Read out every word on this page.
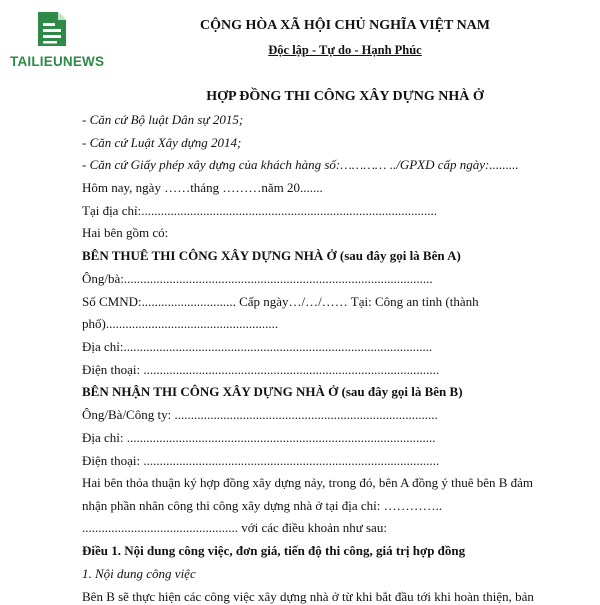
TAILIEUNEWS
CỘNG HÒA XÃ HỘI CHỦ NGHĨA VIỆT NAM
Độc lập - Tự do - Hạnh Phúc
HỢP ĐỒNG THI CÔNG XÂY DỰNG NHÀ Ở
- Căn cứ Bộ luật Dân sự 2015;
- Căn cứ Luật Xây dựng 2014;
- Căn cứ Giấy phép xây dựng của khách hàng số:………… ../GPXD cấp ngày:.........
Hôm nay, ngày ……tháng ………năm 20.......
Tại địa chỉ:...........................................................................................
Hai bên gồm có:
BÊN THUÊ THI CÔNG XÂY DỰNG NHÀ Ở (sau đây gọi là Bên A)
Ông/bà:...............................................................................................
Số CMND:............................. Cấp ngày…/…/…… Tại: Công an tỉnh (thành
phố).....................................................
Địa chỉ:...............................................................................................
Điện thoại: ...........................................................................................
BÊN NHẬN THI CÔNG XÂY DỰNG NHÀ Ở (sau đây gọi là Bên B)
Ông/Bà/Công ty: .................................................................................
Địa chỉ: ...............................................................................................
Điện thoại: ...........................................................................................
Hai bên thỏa thuận ký hợp đồng xây dựng nảy, trong đó, bên A đồng ý thuê bên B đảm
nhận phần nhân công thi công xây dựng nhà ở tại địa chỉ: …………..
................................................ với các điều khoản như sau:
Điều 1. Nội dung công việc, đơn giá, tiến độ thi công, giá trị hợp đồng
1. Nội dung công việc
Bên B sẽ thực hiện các công việc xây dựng nhà ở từ khi bắt đầu tới khi hoàn thiện, bản
